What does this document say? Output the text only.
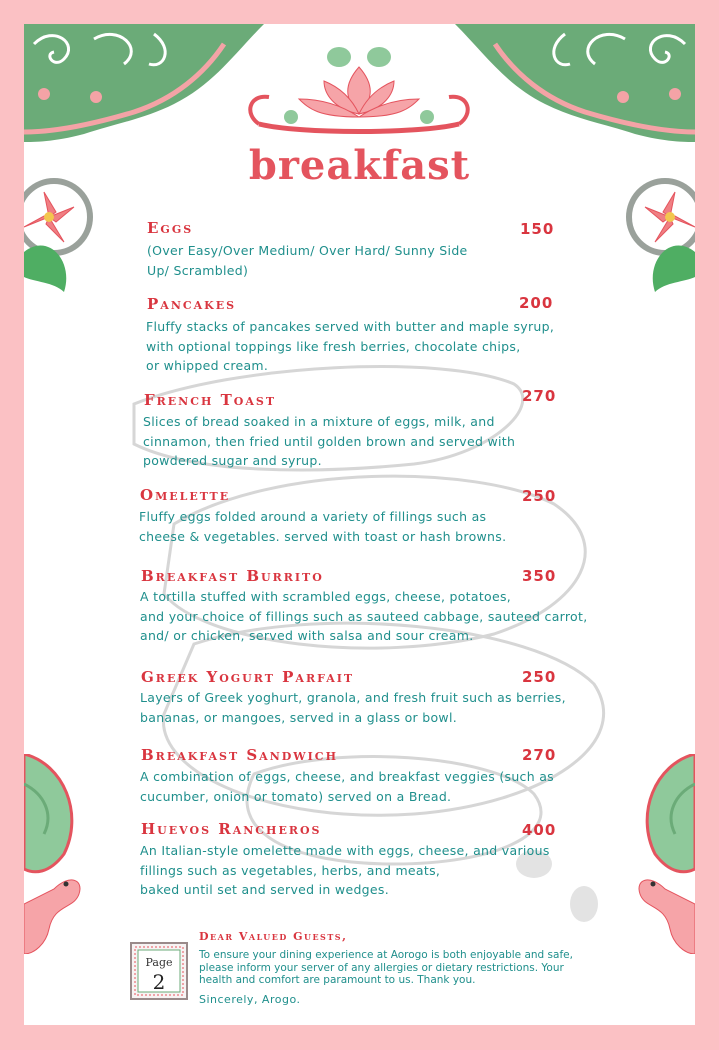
breakfast
Eggs	150
(Over Easy/Over Medium/ Over Hard/ Sunny Side
Up/ Scrambled)
Pancakes	200
Fluffy stacks of pancakes served with butter and maple syrup,
with optional toppings like fresh berries, chocolate chips,
or whipped cream.
French Toast	270
Slices of bread soaked in a mixture of eggs, milk, and
cinnamon, then fried until golden brown and served with
powdered sugar and syrup.
Omelette	250
Fluffy eggs folded around a variety of fillings such as
cheese & vegetables. served with toast or hash browns.
Breakfast Burrito	350
A tortilla stuffed with scrambled eggs, cheese, potatoes,
and your choice of fillings such as sauteed cabbage, sauteed carrot,
and/ or chicken, served with salsa and sour cream.
Greek Yogurt Parfait	250
Layers of Greek yoghurt, granola, and fresh fruit such as berries,
bananas, or mangoes, served in a glass or bowl.
Breakfast Sandwich	270
A combination of eggs, cheese, and breakfast veggies (such as
cucumber, onion or tomato) served on a Bread.
Huevos Rancheros	400
An Italian-style omelette made with eggs, cheese, and various
fillings such as vegetables, herbs, and meats,
baked until set and served in wedges.
Page
2
Dear Valued Guests,
To ensure your dining experience at Aorogo is both enjoyable and safe,
please inform your server of any allergies or dietary restrictions. Your
health and comfort are paramount to us. Thank you.
Sincerely, Arogo.
